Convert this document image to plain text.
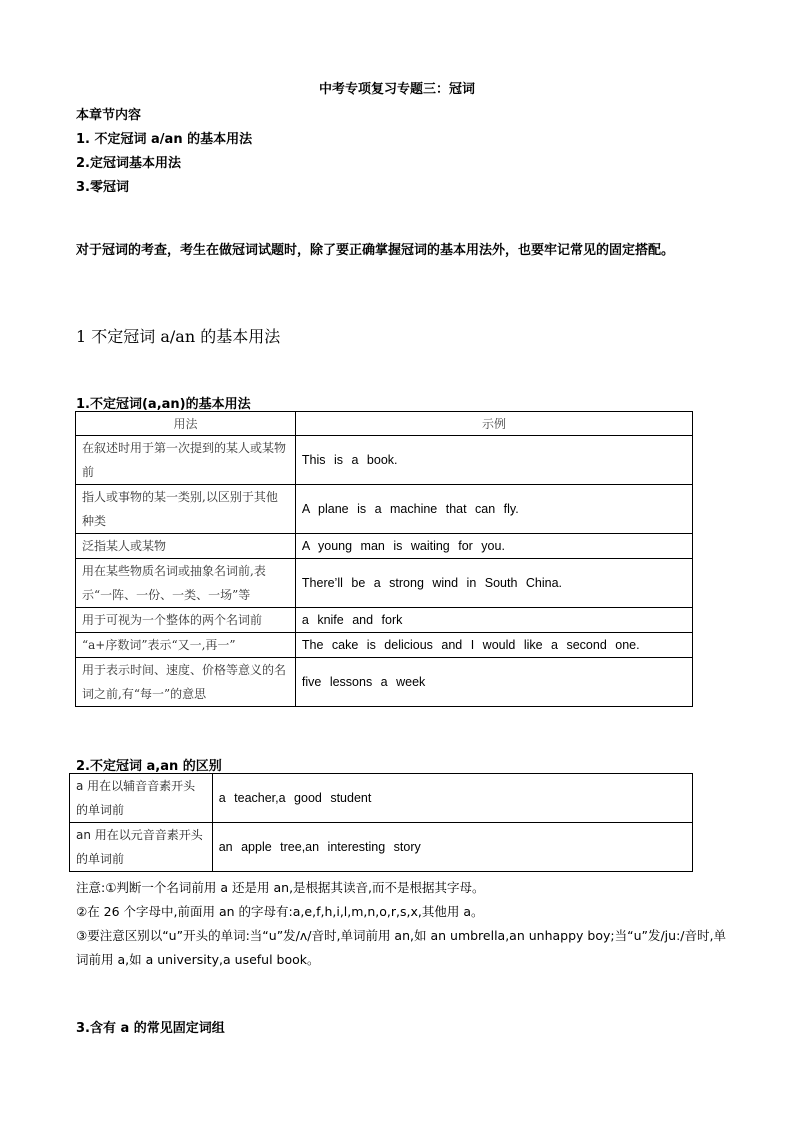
中考专项复习专题三：冠词
本章节内容
1. 不定冠词 a/an 的基本用法
2.定冠词基本用法
3.零冠词
对于冠词的考查，考生在做冠词试题时，除了要正确掌握冠词的基本用法外，也要牢记常见的固定搭配。
1 不定冠词 a/an 的基本用法
1.不定冠词(a,an)的基本用法
用法	示例
在叙述时用于第一次提到的某人或某物前	This is a book.
指人或事物的某一类别,以区别于其他种类	A plane is a machine that can fly.
泛指某人或某物	A young man is waiting for you.
用在某些物质名词或抽象名词前,表示“一阵、一份、一类、一场”等	There’ll be a strong wind in South China.
用于可视为一个整体的两个名词前	a knife and fork
“a+序数词”表示“又一,再一”	The cake is delicious and I would like a second one.
用于表示时间、速度、价格等意义的名词之前,有“每一”的意思	five lessons a week
2.不定冠词 a,an 的区别
a 用在以辅音音素开头的单词前	a teacher,a good student
an 用在以元音音素开头的单词前	an apple tree,an interesting story

注意:①判断一个名词前用 a 还是用 an,是根据其读音,而不是根据其字母。

②在 26 个字母中,前面用 an 的字母有:a,e,f,h,i,l,m,n,o,r,s,x,其他用 a。

③要注意区别以“u”开头的单词:当“u”发/ʌ/音时,单词前用 an,如 an umbrella,an unhappy boy;当“u”发/ju:/音时,单词前用 a,如 a university,a useful book。

3.含有 a 的常见固定词组
